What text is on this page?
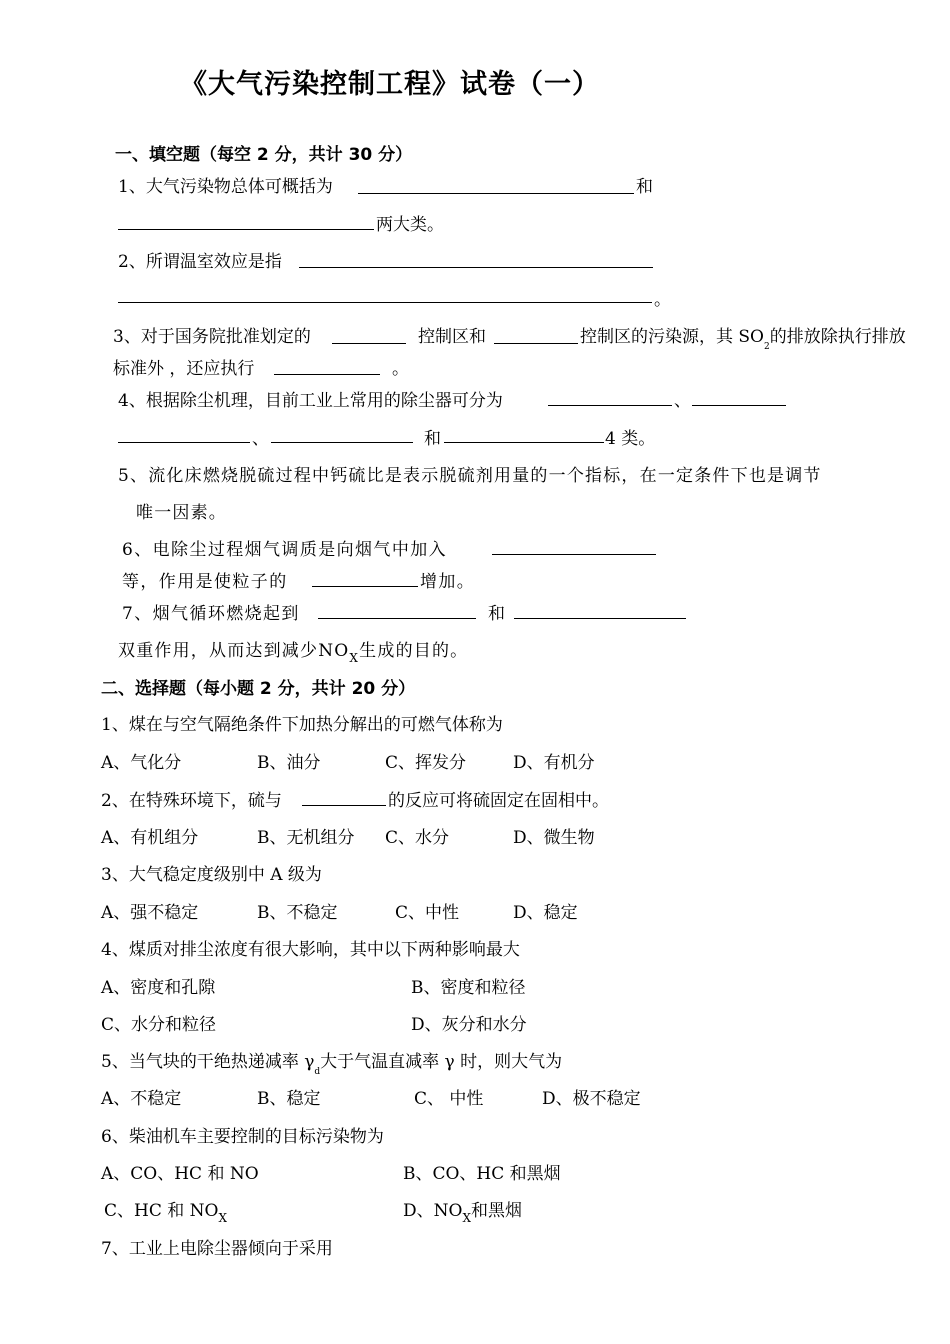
《大气污染控制工程》试卷（一）
一、填空题（每空 2 分，共计 30 分）
1、大气污染物总体可概括为	和
两大类。
2、所谓温室效应是指
。
3、对于国务院批准划定的	控制区和	控制区的污染源，其 $SO_2$的排放除执行排放
标准外 ，还应执行	。
4、根据除尘机理，目前工业上常用的除尘器可分为	、
、	和	4 类。
5、流化床燃烧脱硫过程中钙硫比是表示脱硫剂用量的一个指标，在一定条件下也是调节
唯一因素。
6、电除尘过程烟气调质是向烟气中加入
等，作用是使粒子的	增加。
7、烟气循环燃烧起到	和
双重作用，从而达到减少$NO_X$生成的目的。
二、选择题（每小题 2 分，共计 20 分）
1、煤在与空气隔绝条件下加热分解出的可燃气体称为
A、气化分	B、油分	C、挥发分	D、有机分
2、在特殊环境下，硫与	的反应可将硫固定在固相中。
A、有机组分	B、无机组分 C、水分	D、微生物
3、大气稳定度级别中 A 级为
A、强不稳定	B、不稳定	C、中性	D、稳定
4、煤质对排尘浓度有很大影响，其中以下两种影响最大
A、密度和孔隙	B、密度和粒径
C、水分和粒径	D、灰分和水分
5、当气块的干绝热递减率 $\gamma_d$大于气温直减率 γ 时，则大气为
A、不稳定	B、稳定	C、 中性	D、极不稳定
6、柴油机车主要控制的目标污染物为
A、CO、HC 和 NO	B、CO、HC 和黑烟
C、HC 和 $NO_X$	D、$NO_X$和黑烟
7、工业上电除尘器倾向于采用
